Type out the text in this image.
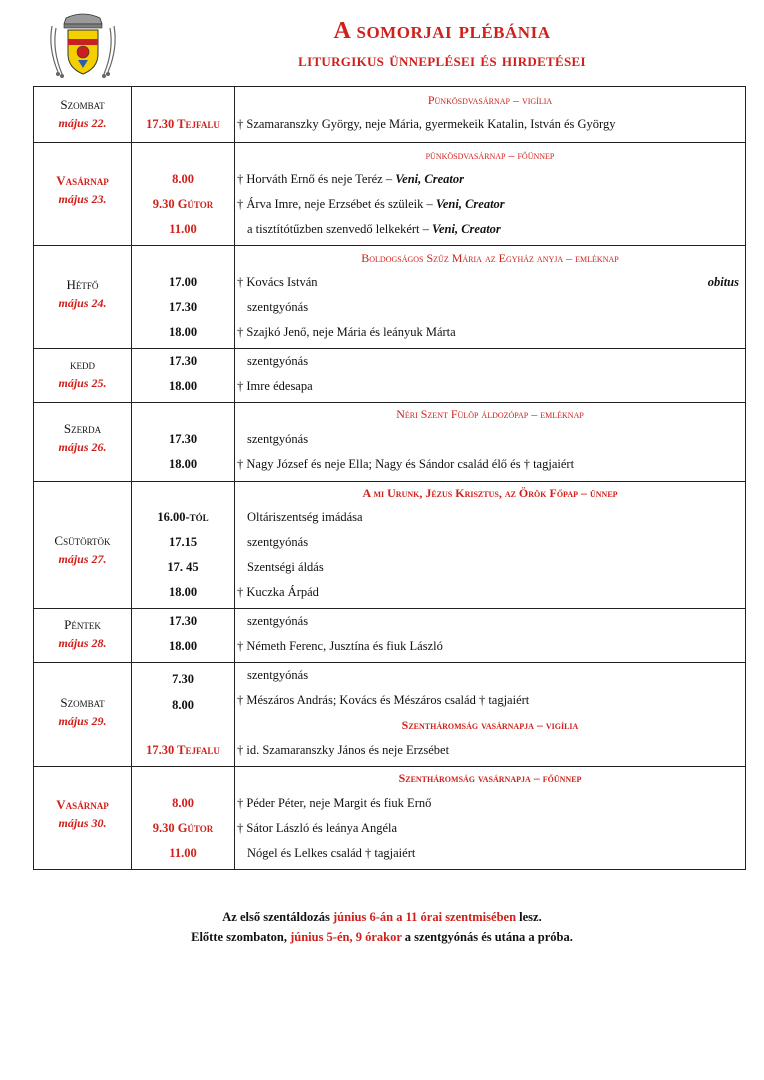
A somorjai plébánia
liturgikus ünneplései és hirdetései
Szombat
május 22.
Pünkösdvasárnap – vigília
17.30 Tejfalu	† Szamaranszky György, neje Mária, gyermekeik Katalin, István és György
Vasárnap
május 23.
pünkösdvasárnap – főünnep
8.00	† Horváth Ernő és neje Teréz – Veni, Creator
9.30 Gútor	† Árva Imre, neje Erzsébet és szüleik – Veni, Creator
11.00	a tisztítótűzben szenvedő lelkekért – Veni, Creator
Hétfő
május 24.
Boldogságos Szűz Mária az Egyház anyja – emléknap
17.00	† Kovács István	obitus
17.30	szentgyónás
18.00	† Szajkó Jenő, neje Mária és leányuk Márta
kedd
május 25.
17.30	szentgyónás
18.00	† Imre édesapa
Szerda
május 26.
Néri Szent Fülöp áldozópap – emléknap
17.30	szentgyónás
18.00	† Nagy József és neje Ella; Nagy és Sándor család élő és † tagjaiért
Csütörtök
május 27.
A mi Urunk, Jézus Krisztus, az Örök Főpap – ünnep
16.00-tól	Oltáriszentség imádása
17.15	szentgyónás
17. 45	Szentségi áldás
18.00	† Kuczka Árpád
Péntek
május 28.
17.30	szentgyónás
18.00	† Németh Ferenc, Jusztína és fiuk László
Szombat
május 29.
7.30	szentgyónás
8.00	† Mészáros András; Kovács és Mészáros család † tagjaiért
Szentháromság vasárnapja – vigília
17.30 Tejfalu	† id. Szamaranszky János és neje Erzsébet
Vasárnap
május 30.
Szentháromság vasárnapja – főünnep
8.00	† Péder Péter, neje Margit és fiuk Ernő
9.30 Gútor	† Sátor László és leánya Angéla
11.00	Nógel és Lelkes család † tagjaiért
Az első szentáldozás június 6-án a 11 órai szentmisében lesz.
Előtte szombaton, június 5-én, 9 órakor a szentgyónás és utána a próba.
